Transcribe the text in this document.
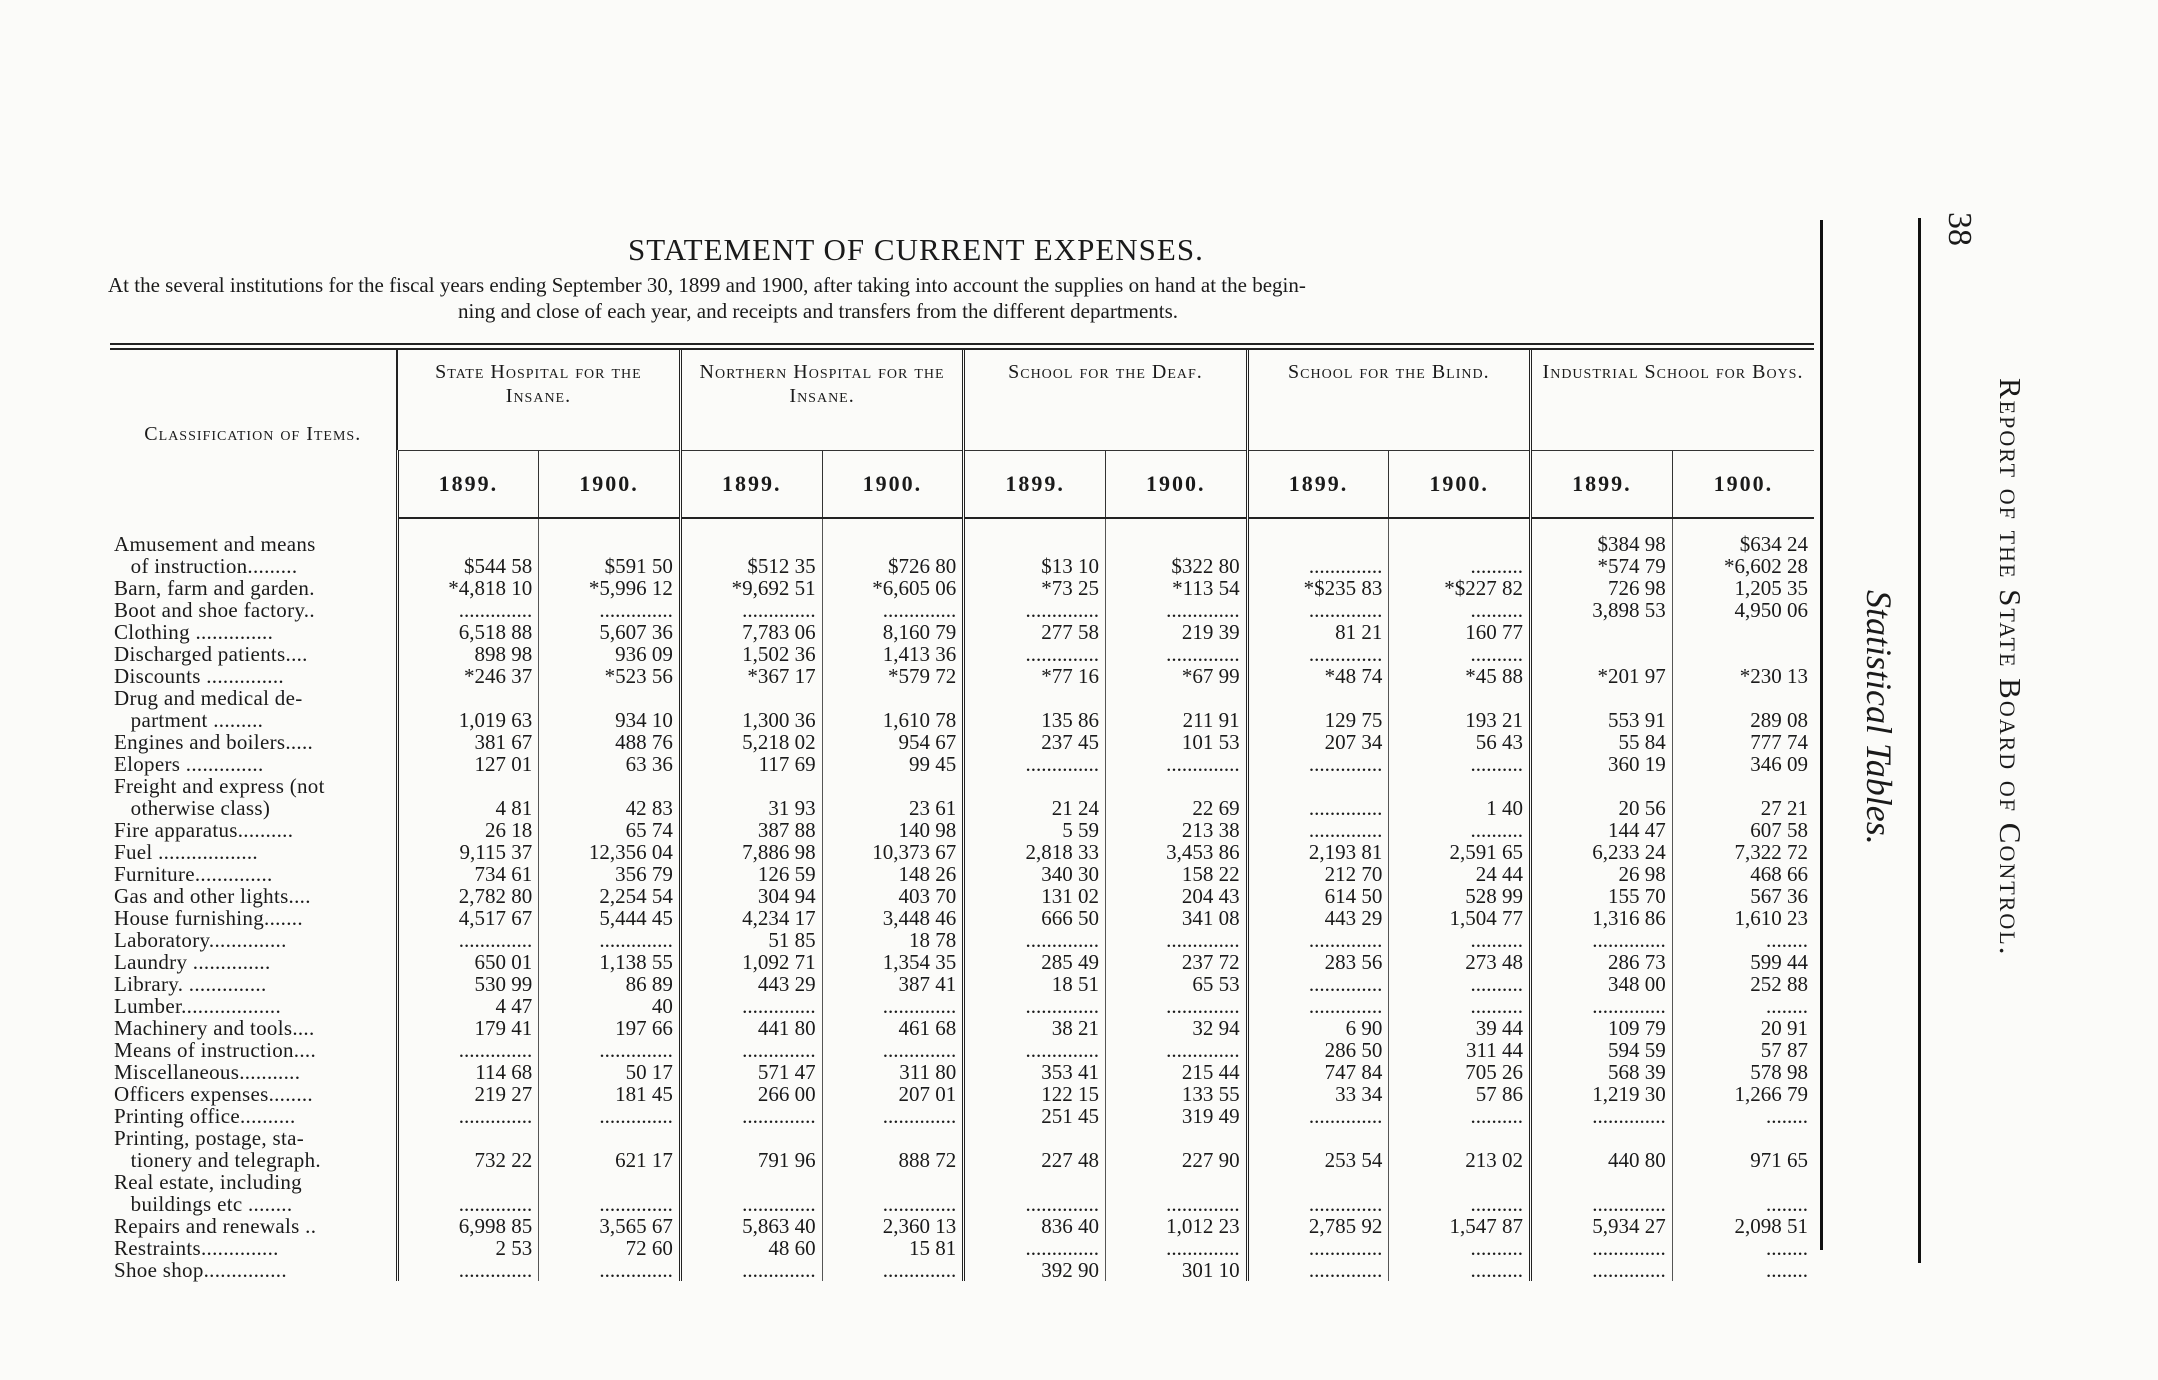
38
Report of the State Board of Control.
Statistical Tables.
STATEMENT OF CURRENT EXPENSES.
At the several institutions for the fiscal years ending September 30, 1899 and 1900, after taking into account the supplies on hand at the begin-
ning and close of each year, and receipts and transfers from the different departments.
Classification of Items.	State Hospital for the Insane.		Northern Hospital for the Insane.		School for the Deaf.		School for the Blind.		Industrial School for Boys.	
	1899.	1900.	1899.	1900.	1899.	1900.	1899.	1900.	1899.	1900.
Amusement and means									$384 98	$634 24
of instruction.........	$544 58	$591 50	$512 35	$726 80	$13 10	$322 80	..............	..........	*574 79	*6,602 28
Barn, farm and garden.	*4,818 10	*5,996 12	*9,692 51	*6,605 06	*73 25	*113 54	*$235 83	*$227 82	726 98	1,205 35
Boot and shoe factory..	..............	..............	..............	..............	..............	..............	..............	..........	3,898 53	4,950 06
Clothing ..............	6,518 88	5,607 36	7,783 06	8,160 79	277 58	219 39	81 21	160 77		
Discharged patients....	898 98	936 09	1,502 36	1,413 36	..............	..............	..............	..........		
Discounts ..............	*246 37	*523 56	*367 17	*579 72	*77 16	*67 99	*48 74	*45 88	*201 97	*230 13
Drug and medical de-										
partment .........	1,019 63	934 10	1,300 36	1,610 78	135 86	211 91	129 75	193 21	553 91	289 08
Engines and boilers.....	381 67	488 76	5,218 02	954 67	237 45	101 53	207 34	56 43	55 84	777 74
Elopers ..............	127 01	63 36	117 69	99 45	..............	..............	..............	..........	360 19	346 09
Freight and express (not										
otherwise class)	4 81	42 83	31 93	23 61	21 24	22 69	..............	1 40	20 56	27 21
Fire apparatus..........	26 18	65 74	387 88	140 98	5 59	213 38	..............	..........	144 47	607 58
Fuel ..................	9,115 37	12,356 04	7,886 98	10,373 67	2,818 33	3,453 86	2,193 81	2,591 65	6,233 24	7,322 72
Furniture..............	734 61	356 79	126 59	148 26	340 30	158 22	212 70	24 44	26 98	468 66
Gas and other lights....	2,782 80	2,254 54	304 94	403 70	131 02	204 43	614 50	528 99	155 70	567 36
House furnishing.......	4,517 67	5,444 45	4,234 17	3,448 46	666 50	341 08	443 29	1,504 77	1,316 86	1,610 23
Laboratory..............	..............	..............	51 85	18 78	..............	..............	..............	..........	..............	........
Laundry ..............	650 01	1,138 55	1,092 71	1,354 35	285 49	237 72	283 56	273 48	286 73	599 44
Library. ..............	530 99	86 89	443 29	387 41	18 51	65 53	..............	..........	348 00	252 88
Lumber..................	4 47	40	..............	..............	..............	..............	..............	..........	..............	........
Machinery and tools....	179 41	197 66	441 80	461 68	38 21	32 94	6 90	39 44	109 79	20 91
Means of instruction....	..............	..............	..............	..............	..............	..............	286 50	311 44	594 59	57 87
Miscellaneous...........	114 68	50 17	571 47	311 80	353 41	215 44	747 84	705 26	568 39	578 98
Officers expenses........	219 27	181 45	266 00	207 01	122 15	133 55	33 34	57 86	1,219 30	1,266 79
Printing office..........	..............	..............	..............	..............	251 45	319 49	..............	..........	..............	........
Printing, postage, sta-										
tionery and telegraph.	732 22	621 17	791 96	888 72	227 48	227 90	253 54	213 02	440 80	971 65
Real estate, including										
buildings etc ........	..............	..............	..............	..............	..............	..............	..............	..........	..............	........
Repairs and renewals ..	6,998 85	3,565 67	5,863 40	2,360 13	836 40	1,012 23	2,785 92	1,547 87	5,934 27	2,098 51
Restraints..............	2 53	72 60	48 60	15 81	..............	..............	..............	..........	..............	........
Shoe shop...............	..............	..............	..............	..............	392 90	301 10	..............	..........	..............	........
